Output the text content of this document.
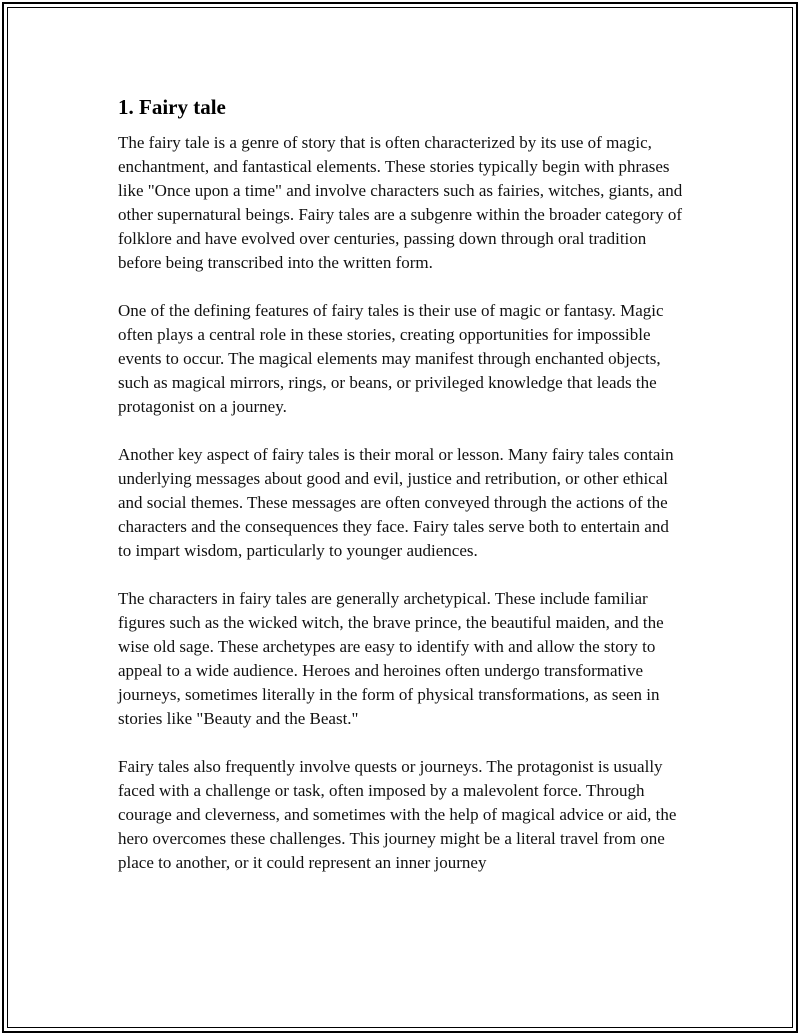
1. Fairy tale

The fairy tale is a genre of story that is often characterized by its use of magic, enchantment, and fantastical elements. These stories typically begin with phrases like "Once upon a time" and involve characters such as fairies, witches, giants, and other supernatural beings. Fairy tales are a subgenre within the broader category of folklore and have evolved over centuries, passing down through oral tradition before being transcribed into the written form.

One of the defining features of fairy tales is their use of magic or fantasy. Magic often plays a central role in these stories, creating opportunities for impossible events to occur. The magical elements may manifest through enchanted objects, such as magical mirrors, rings, or beans, or privileged knowledge that leads the protagonist on a journey.

Another key aspect of fairy tales is their moral or lesson. Many fairy tales contain underlying messages about good and evil, justice and retribution, or other ethical and social themes. These messages are often conveyed through the actions of the characters and the consequences they face. Fairy tales serve both to entertain and to impart wisdom, particularly to younger audiences.

The characters in fairy tales are generally archetypical. These include familiar figures such as the wicked witch, the brave prince, the beautiful maiden, and the wise old sage. These archetypes are easy to identify with and allow the story to appeal to a wide audience. Heroes and heroines often undergo transformative journeys, sometimes literally in the form of physical transformations, as seen in stories like "Beauty and the Beast."

Fairy tales also frequently involve quests or journeys. The protagonist is usually faced with a challenge or task, often imposed by a malevolent force. Through courage and cleverness, and sometimes with the help of magical advice or aid, the hero overcomes these challenges. This journey might be a literal travel from one place to another, or it could represent an inner journey
